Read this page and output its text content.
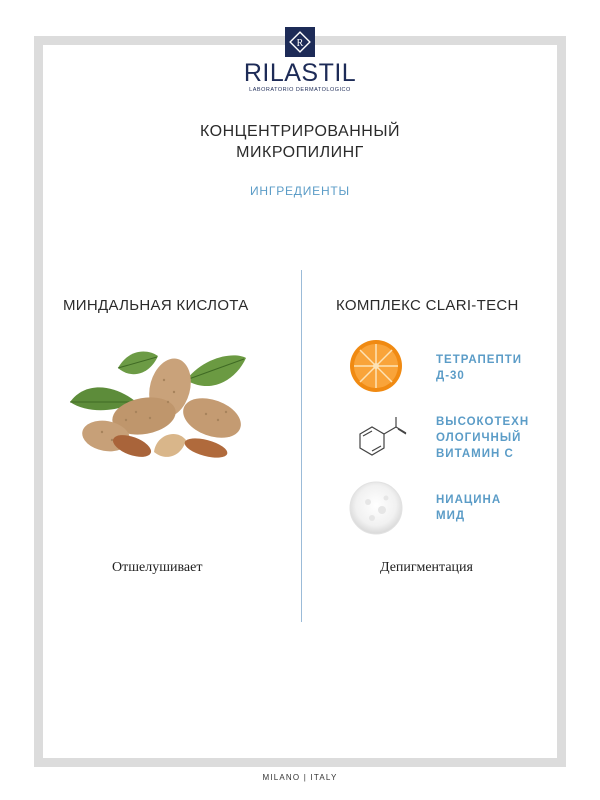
R
RILASTIL
LABORATORIO DERMATOLOGICO
КОНЦЕНТРИРОВАННЫЙ
МИКРОПИЛИНГ
ИНГРЕДИЕНТЫ
МИНДАЛЬНАЯ КИСЛОТА	КОМПЛЕКС CLARI-TECH
ТЕТРАПЕПТИ
Д-30
ВЫСОКОТЕХН
ОЛОГИЧНЫЙ
ВИТАМИН С
НИАЦИНА
МИД
Отшелушивает	Депигментация
MILANO | ITALY
